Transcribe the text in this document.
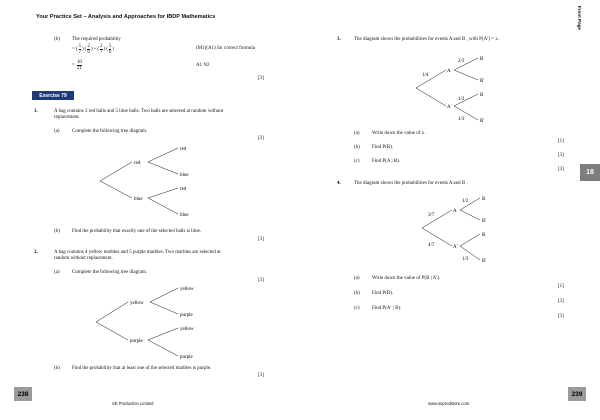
Your Practice Set – Analysis and Approaches for IBDP Mathematics	Front Page
(b) The required probability
= ( $\frac{5}{7}$ ) ( $\frac{2}{6}$ ) + ( $\frac{2}{7}$ ) ( $\frac{5}{6}$ )	(M1)(A1) for correct formula
= $\frac{10}{21}$	A1 N2
[3]
Exercise 79
1.	A bag contains 3 red balls and 5 blue balls. Two balls are selected at random without
replacement.
(a) Complete the following tree diagram.
[3]
red
blue
red
blue
red
blue
(b) Find the probability that exactly one of the selected balls is blue.
[3]
2.	A bag contains 4 yellow marbles and 5 purple marbles. Two marbles are selected at
random without replacement.
(a) Complete the following tree diagram.
[3]
yellow
purple
yellow
purple
yellow
purple
(b) Find the probability that at least one of the selected marbles is purple.
[3]
238
SE Production Limited
3.	The diagram shows the probabilities for events A and B , with P(A′) = x.
1/4
2/3
1/2
1/3
A
A′
B
B′
B
B′
(a) Write down the value of x .
[1]
(b) Find P(B).
[3]
(c) Find P(A | B).
[3]
4.	The diagram shows the probabilities for events A and B .
3/7
4/7
1/2
1/3
A
A′
B
B′
B
B′
(a) Write down the value of P(B | A′).
[1]
(b) Find P(B).
[3]
(c) Find P(A′ | B).
[3]
18
239
www.seprodstore.com
